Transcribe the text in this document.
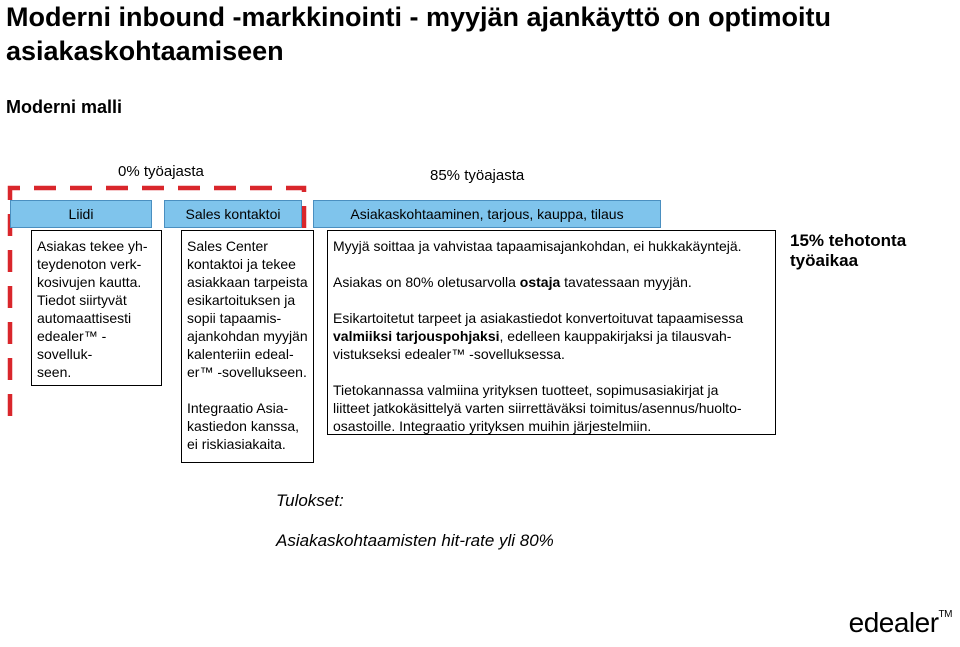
Moderni inbound -markkinointi - myyjän ajankäyttö on optimoitu asiakaskohtaamiseen
Moderni malli
0% työajasta	85% työajasta
Liidi	Sales kontaktoi	Asiakaskohtaaminen, tarjous, kauppa, tilaus

Asiakas tekee yh-
teydenoton verk-
kosivujen kautta.
Tiedot siirtyvät
automaattisesti
edealer™ -sovelluk-
seen.

Sales Center
kontaktoi ja tekee
asiakkaan tarpeista
esikartoituksen ja
sopii tapaamis-
ajankohdan myyjän
kalenteriin edeal-
er™ -sovellukseen.

Integraatio Asia-
kastiedon kanssa,
ei riskiasiakaita.

Myyjä soittaa ja vahvistaa tapaamisajankohdan, ei hukkakäyntejä.

Asiakas on 80% oletusarvolla ostaja tavatessaan myyjän.

Esikartoitetut tarpeet ja asiakastiedot konvertoituvat tapaamisessa
valmiiksi tarjouspohjaksi, edelleen kauppakirjaksi ja tilausvah-
vistukseksi edealer™ -sovelluksessa.

Tietokannassa valmiina yrityksen tuotteet, sopimusasiakirjat ja
liitteet jatkokäsittelyä varten siirrettäväksi toimitus/asennus/huolto-
osastoille. Integraatio yrityksen muihin järjestelmiin.

15% tehotonta
työaikaa
Tulokset:
Asiakaskohtaamisten hit-rate yli 80%
edealer™
